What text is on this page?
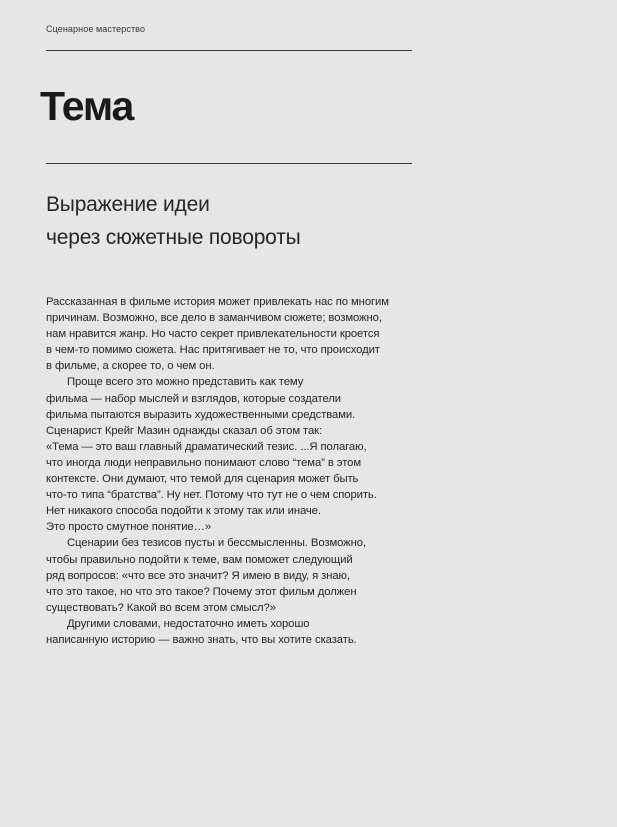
Сценарное мастерство
Тема
Выражение идеи
через сюжетные повороты
Рассказанная в фильме история может привлекать нас по многим
причинам. Возможно, все дело в заманчивом сюжете; возможно,
нам нравится жанр. Но часто секрет привлекательности кроется
в чем-то помимо сюжета. Нас притягивает не то, что происходит
в фильме, а скорее то, о чем он.
Проще всего это можно представить как тему
фильма — набор мыслей и взглядов, которые создатели
фильма пытаются выразить художественными средствами.
Сценарист Крейг Мазин однажды сказал об этом так:
«Тема — это ваш главный драматический тезис. ...Я полагаю,
что иногда люди неправильно понимают слово “тема” в этом
контексте. Они думают, что темой для сценария может быть
что-то типа “братства”. Ну нет. Потому что тут не о чем спорить.
Нет никакого способа подойти к этому так или иначе.
Это просто смутное понятие…»
Сценарии без тезисов пусты и бессмысленны. Возможно,
чтобы правильно подойти к теме, вам поможет следующий
ряд вопросов: «что все это значит? Я имею в виду, я знаю,
что это такое, но что это такое? Почему этот фильм должен
существовать? Какой во всем этом смысл?»
Другими словами, недостаточно иметь хорошо
написанную историю — важно знать, что вы хотите сказать.
